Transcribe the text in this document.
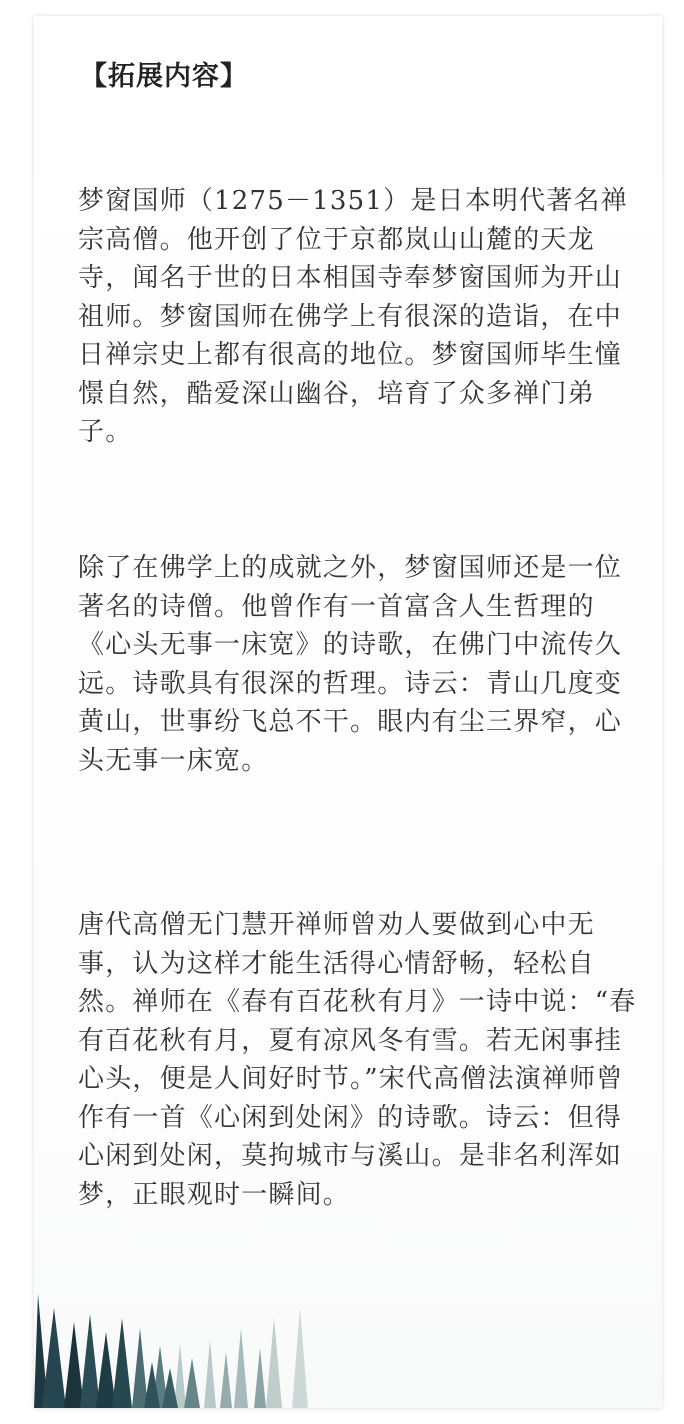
【拓展内容】

梦窗国师（1275－1351）是日本明代著名禅宗高僧。他开创了位于京都岚山山麓的天龙寺，闻名于世的日本相国寺奉梦窗国师为开山祖师。梦窗国师在佛学上有很深的造诣，在中日禅宗史上都有很高的地位。梦窗国师毕生憧憬自然，酷爱深山幽谷，培育了众多禅门弟子。

除了在佛学上的成就之外，梦窗国师还是一位著名的诗僧。他曾作有一首富含人生哲理的《心头无事一床宽》的诗歌，在佛门中流传久远。诗歌具有很深的哲理。诗云：青山几度变黄山，世事纷飞总不干。眼内有尘三界窄，心头无事一床宽。

唐代高僧无门慧开禅师曾劝人要做到心中无事，认为这样才能生活得心情舒畅，轻松自然。禅师在《春有百花秋有月》一诗中说：“春有百花秋有月，夏有凉风冬有雪。若无闲事挂心头，便是人间好时节。”宋代高僧法演禅师曾作有一首《心闲到处闲》的诗歌。诗云：但得心闲到处闲，莫拘城市与溪山。是非名利浑如梦，正眼观时一瞬间。
